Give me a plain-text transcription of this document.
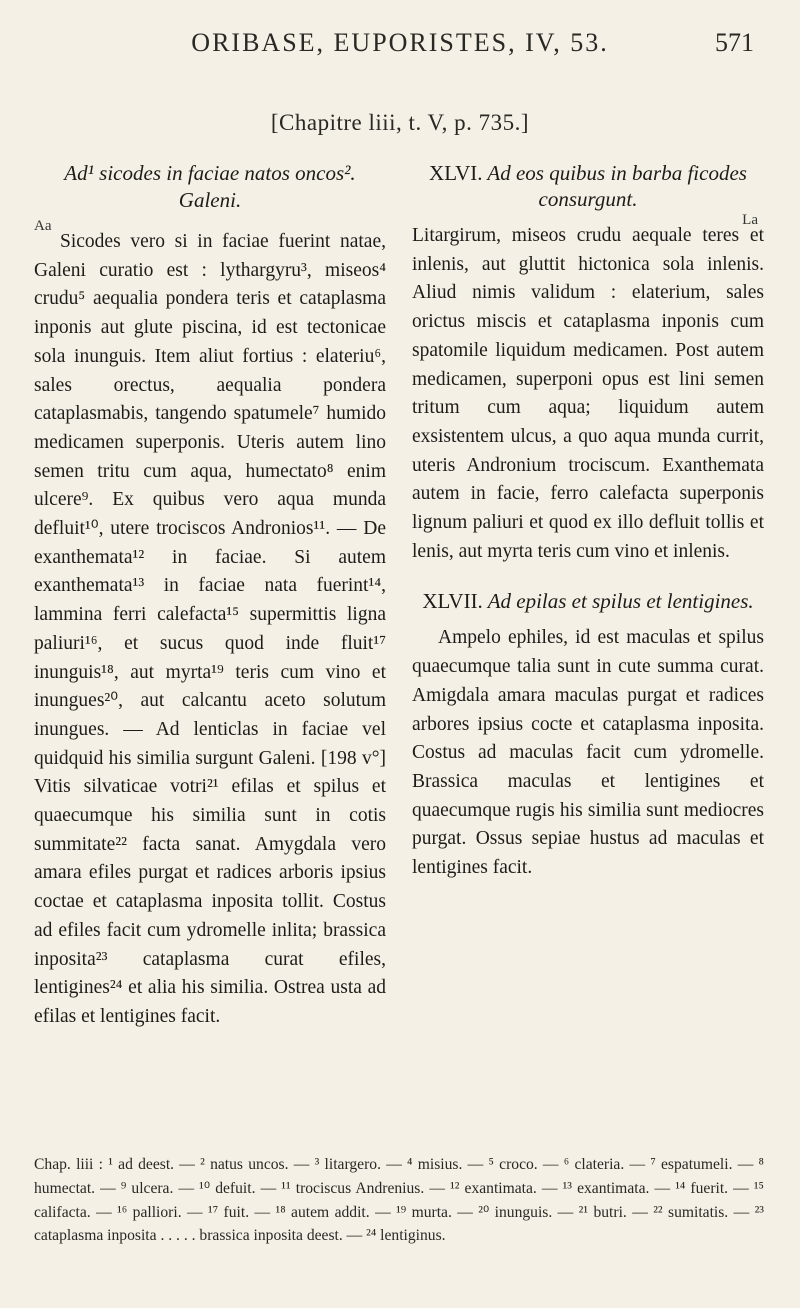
ORIBASE, EUPORISTES, IV, 53.	571
[Chapitre liii, t. V, p. 735.]
Ad¹ sicodes in faciae natos oncos². Galeni.
Aa

Sicodes vero si in faciae fuerint natae, Galeni curatio est : lythargyru³, miseos⁴ crudu⁵ aequalia pondera teris et cataplasma inponis aut glute piscina, id est tectonicae sola inunguis. Item aliut fortius : elateriu⁶, sales orectus, aequalia pondera cataplasmabis, tangendo spatumele⁷ humido medicamen superponis. Uteris autem lino semen tritu cum aqua, humectato⁸ enim ulcere⁹. Ex quibus vero aqua munda defluit¹⁰, utere trociscos Andronios¹¹. — De exanthemata¹² in faciae. Si autem exanthemata¹³ in faciae nata fuerint¹⁴, lammina ferri calefacta¹⁵ supermittis ligna paliuri¹⁶, et sucus quod inde fluit¹⁷ inunguis¹⁸, aut myrta¹⁹ teris cum vino et inungues²⁰, aut calcantu aceto solutum inungues. — Ad lenticlas in faciae vel quidquid his similia surgunt Galeni. [198 v°] Vitis silvaticae votri²¹ efilas et spilus et quaecumque his similia sunt in cotis summitate²² facta sanat. Amygdala vero amara efiles purgat et radices arboris ipsius coctae et cataplasma inposita tollit. Costus ad efiles facit cum ydromelle inlita; brassica inposita²³ cataplasma curat efiles, lentigines²⁴ et alia his similia. Ostrea usta ad efilas et lentigines facit.

XLVI. Ad eos quibus in barba ficodes consurgunt.
La

Litargirum, miseos crudu aequale teres et inlenis, aut gluttit hictonica sola inlenis. Aliud nimis validum : elaterium, sales orictus miscis et cataplasma inponis cum spatomile liquidum medicamen. Post autem medicamen, superponi opus est lini semen tritum cum aqua; liquidum autem exsistentem ulcus, a quo aqua munda currit, uteris Andronium trociscum. Exanthemata autem in facie, ferro calefacta superponis lignum paliuri et quod ex illo defluit tollis et lenis, aut myrta teris cum vino et inlenis.

XLVII. Ad epilas et spilus et lentigines.

Ampelo ephiles, id est maculas et spilus quaecumque talia sunt in cute summa curat. Amigdala amara maculas purgat et radices arbores ipsius cocte et cataplasma inposita. Costus ad maculas facit cum ydromelle. Brassica maculas et lentigines et quaecumque rugis his similia sunt mediocres purgat. Ossus sepiae hustus ad maculas et lentigines facit.

Chap. liii : ¹ ad deest. — ² natus uncos. — ³ litargero. — ⁴ misius. — ⁵ croco. — ⁶ clateria. — ⁷ espatumeli. — ⁸ humectat. — ⁹ ulcera. — ¹⁰ defuit. — ¹¹ trociscus Andrenius. — ¹² exantimata. — ¹³ exantimata. — ¹⁴ fuerit. — ¹⁵ califacta. — ¹⁶ palliori. — ¹⁷ fuit. — ¹⁸ autem addit. — ¹⁹ murta. — ²⁰ inunguis. — ²¹ butri. — ²² sumitatis. — ²³ cataplasma inposita . . . . . brassica inposita deest. — ²⁴ lentiginus.
